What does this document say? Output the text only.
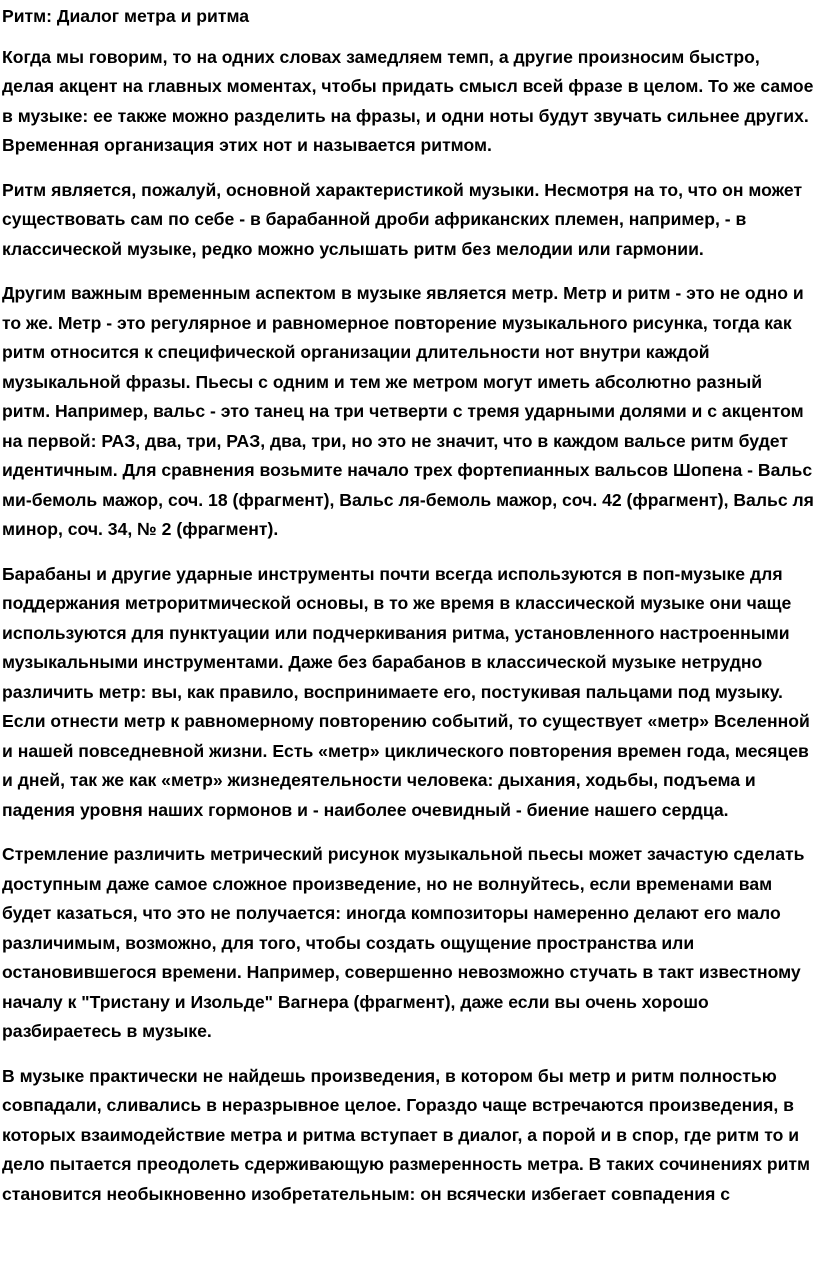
Ритм: Диалог метра и ритма

Когда мы говорим, то на одних словах замедляем темп, а другие произносим быстро, делая акцент на главных моментах, чтобы придать смысл всей фразе в целом. То же самое в музыке: ее также можно разделить на фразы, и одни ноты будут звучать сильнее других. Временная организация этих нот и называется ритмом.

Ритм является, пожалуй, основной характеристикой музыки. Несмотря на то, что он может существовать сам по себе - в барабанной дроби африканских племен, например, - в классической музыке, редко можно услышать ритм без мелодии или гармонии.

Другим важным временным аспектом в музыке является метр. Метр и ритм - это не одно и то же. Метр - это регулярное и равномерное повторение музыкального рисунка, тогда как ритм относится к специфической организации длительности нот внутри каждой музыкальной фразы. Пьесы с одним и тем же метром могут иметь абсолютно разный ритм. Например, вальс - это танец на три четверти с тремя ударными долями и с акцентом на первой: РАЗ, два, три, РАЗ, два, три, но это не значит, что в каждом вальсе ритм будет идентичным. Для сравнения возьмите начало трех фортепианных вальсов Шопена - Вальс ми-бемоль мажор, соч. 18 (фрагмент), Вальс ля-бемоль мажор, соч. 42 (фрагмент), Вальс ля минор, соч. 34, № 2 (фрагмент).

Барабаны и другие ударные инструменты почти всегда используются в поп-музыке для поддержания метроритмической основы, в то же время в классической музыке они чаще используются для пунктуации или подчеркивания ритма, установленного настроенными музыкальными инструментами. Даже без барабанов в классической музыке нетрудно различить метр: вы, как правило, воспринимаете его, постукивая пальцами под музыку. Если отнести метр к равномерному повторению событий, то существует «метр» Вселенной и нашей повседневной жизни. Есть «метр» циклического повторения времен года, месяцев и дней, так же как «метр» жизнедеятельности человека: дыхания, ходьбы, подъема и падения уровня наших гормонов и - наиболее очевидный - биение нашего сердца.

Стремление различить метрический рисунок музыкальной пьесы может зачастую сделать доступным даже самое сложное произведение, но не волнуйтесь, если временами вам будет казаться, что это не получается: иногда композиторы намеренно делают его мало различимым, возможно, для того, чтобы создать ощущение пространства или остановившегося времени. Например, совершенно невозможно стучать в такт известному началу к "Тристану и Изольде" Вагнера (фрагмент), даже если вы очень хорошо разбираетесь в музыке.

В музыке практически не найдешь произведения, в котором бы метр и ритм полностью совпадали, сливались в неразрывное целое. Гораздо чаще встречаются произведения, в которых взаимодействие метра и ритма вступает в диалог, а порой и в спор, где ритм то и дело пытается преодолеть сдерживающую размеренность метра. В таких сочинениях ритм становится необыкновенно изобретательным: он всячески избегает совпадения с
